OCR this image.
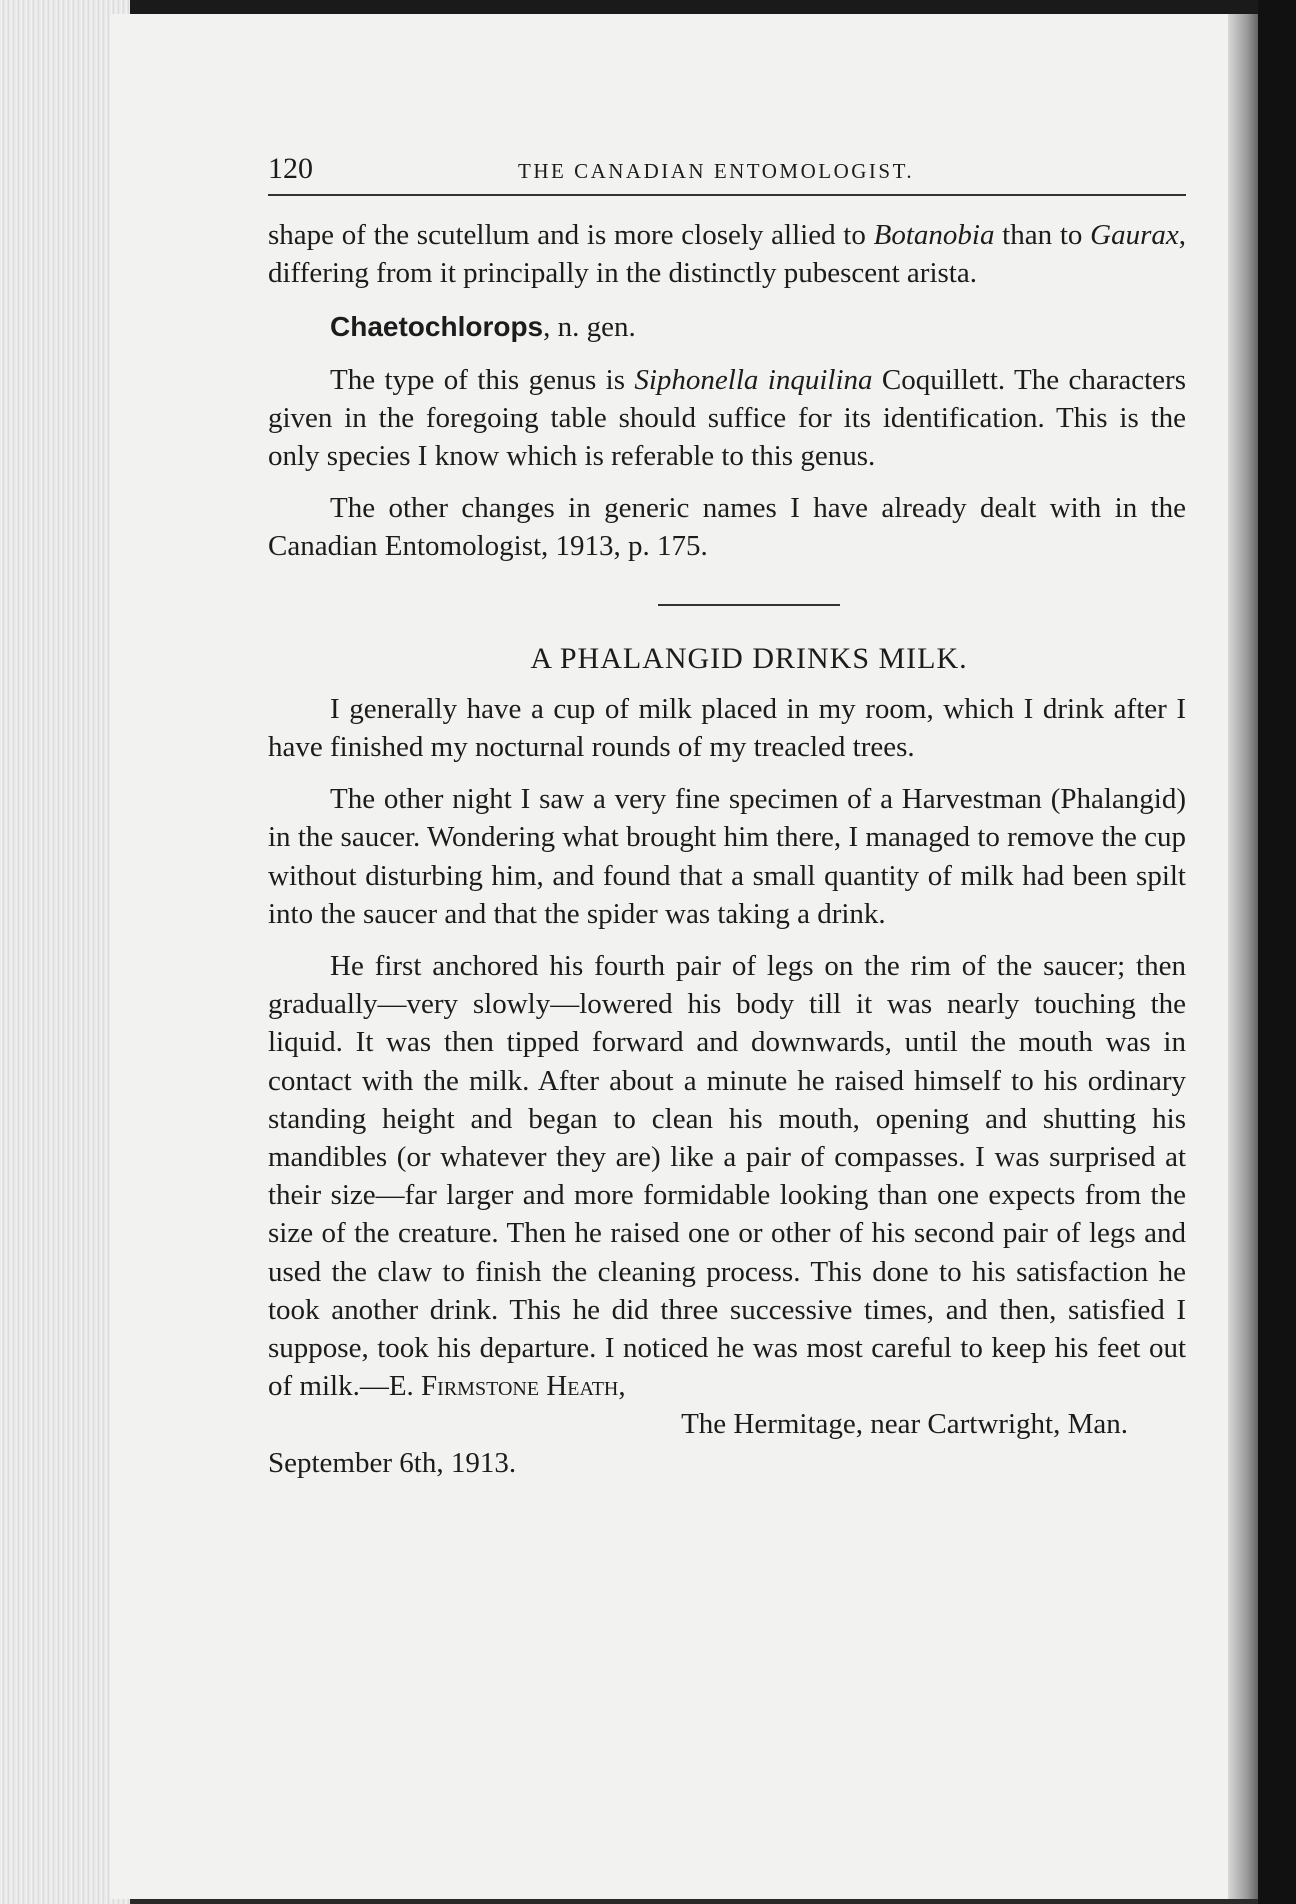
120	THE CANADIAN ENTOMOLOGIST.

shape of the scutellum and is more closely allied to Botanobia than to Gaurax, differing from it principally in the distinctly pubescent arista.

Chaetochlorops, n. gen.

The type of this genus is Siphonella inquilina Coquillett. The characters given in the foregoing table should suffice for its identification. This is the only species I know which is referable to this genus.

The other changes in generic names I have already dealt with in the Canadian Entomologist, 1913, p. 175.

A PHALANGID DRINKS MILK.

I generally have a cup of milk placed in my room, which I drink after I have finished my nocturnal rounds of my treacled trees.

The other night I saw a very fine specimen of a Harvestman (Phalangid) in the saucer. Wondering what brought him there, I managed to remove the cup without disturbing him, and found that a small quantity of milk had been spilt into the saucer and that the spider was taking a drink.

He first anchored his fourth pair of legs on the rim of the saucer; then gradually—very slowly—lowered his body till it was nearly touching the liquid. It was then tipped forward and downwards, until the mouth was in contact with the milk. After about a minute he raised himself to his ordinary standing height and began to clean his mouth, opening and shutting his mandibles (or whatever they are) like a pair of compasses. I was surprised at their size—far larger and more formidable looking than one expects from the size of the creature. Then he raised one or other of his second pair of legs and used the claw to finish the cleaning process. This done to his satisfaction he took another drink. This he did three successive times, and then, satisfied I suppose, took his departure. I noticed he was most careful to keep his feet out of milk.—E. Firmstone Heath,

The Hermitage, near Cartwright, Man.

September 6th, 1913.
